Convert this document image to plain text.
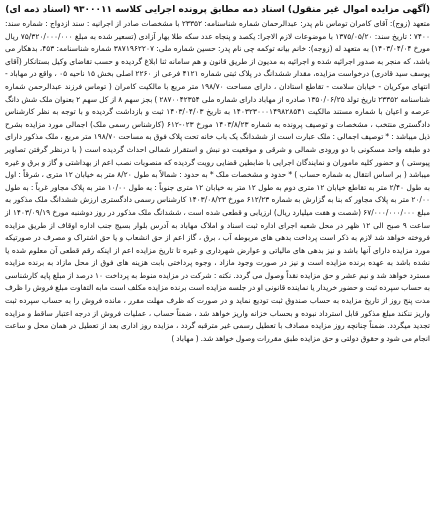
(آگهی مزایده اموال غیر منقول) اسناد ذمه مطابق پرونده اجرایی کلاسه ۹۳۰۰۰۱۱ (اسناد ذمه ای)

متعهد (زوج): آقای کامران توماس نام پدر: عبدالرحمان شماره شناسنامه: ۲۳۳۵۲ با مشخصات صادر از اجرانیه : سند ازدواج : شماره سند: ۷۴۰۰ ؛ تاریخ سند: ۱۳۷۵/۰۵/۲۰ با موضوعات لازم الاجرا: یکصد و پنجاه عدد سکه طلا بهار آزادی (تسعیر شده به مبلغ ۷۵/۳۲۰/۰۰۰/۰۰۰ ریال مورخ ۱۴۰۳/۰۴/۰۴) به متعهد له (زوجه): خانم بیانه توکمه چی نام پدر: حسین شماره ملی: ۳۸۷۱۹۶۲۲۰۷ شماره شناسنامه: ۴۵۳، بدهکار می باشد، که منجر به صدور اجرائیه شده و اجرائیه به مدیون از طریق قانون و هم سامانه ثنا ابلاغ گردیده و حسب تقاضای وکیل بستانکار (آقای یوسف سید قادری) درخواست مزایده، مقدار ششدانگ در پلاک ثبتی شماره ۴۱۲۱ فرعی از ۲۲۶۰ اصلی بخش ۱۵ ناحیه ۰۵ ، واقع در مهاباد - انتهای موکریان - خیابان سلامت - تقاطع استادان ، دارای مساحت ۱۹۸/۷۰ متر مربع با مالکیت کامران ( توماس فرزند عبدالرحمن شماره شناسنامه ۲۳۳۵۲ تاریخ تولد ۱۳۵۰/۰۶/۲۵ صادره از مهاباد دارای شماره ملی ۲۸۷۰۰۴۲۳۵۴ ) بجز سهم ۸ از کل سهم ۲ بعنوان ملک شش دانگ عرصه و اعیان با شماره مستند مالکیت ۱۴۰۳۲۳۰۰۰۱۴۹۸۲۸۵۴۱ به تاریخ ۱۴۰۳/۰۴/۰۳ ثبت و بازداشت گردیده و با توجه به نظر کارشناس دادگستری منتخب ، مشخصات و توصیف پرونده به شماره ۱۴۰۳/۸/۲۳ مورخ ۰۲۳-۶۱۲ (کارشناس رسمی ملک) اجمالی مورد مزایده بشرح ذیل میباشد : * توصیف اجمالی : ملک عبارت است از ششدانگ یک باب خانه تحت پلاک فوق به مساحت ۱۹۸/۷۰ متر مربع ، ملک مذکور دارای دو طبقه واحد مسکونی با دو ورودی شمالی و شرقی و موقعیت دو نبش و استقرار شمالی احداث گردیده است ( با درنظر گرفتن تصاویر پیوستی ) و حضور کلیه ماموران و نمایندگان اجرایی با ضابطین قضایی رویت گردیده که منصوبات نصب اعم از بهداشتی و گاز و برق و غیره میباشد ( بر اساس انتقال به شماره حساب ) * حدود و مشخصات ملک * به حدود : شمالاً به طول ۸/۲۰ متر به خیابان ۱۲ متری ، شرقاً : اول به طول ۲/۴۰ متر به تقاطع خیابان ۱۲ متری دوم به طول ۱۲ متر به خیابان ۱۲ متری جنوباً : به طول ۱۰/۰۰ متر به پلاک مجاور غرباً : به طول ۲۰/۰۰ متر به پلاک مجاور که بنا به گزارش به شماره ۶۱۲/۲۳ مورخ ۱۴۰۳/۰۸/۲۳ کارشناس رسمی دادگستری ارزش ششدانگ ملک مذکور به مبلغ ۶۷/۰۰۰/۰۰۰/۰۰۰ (شصت و هفت میلیارد ریال) ارزیابی و قطعی شده است ، ششدانگ ملک مذکور در روز دوشنبه مورخ ۱۴۰۳/۰۹/۱۹ از ساعت ۹ صبح الی ۱۲ ظهر در محل شعبه اجرای اداره ثبت اسناد و املاک مهاباد به آدرس بلوار بسیج جنب اداره اوقاف از طریق مزایده فروخته خواهد شد لازم به ذکر است پرداخت بدهی های مربوطه آب ، برق ، گاز اعم از حق انشعاب و یا حق اشتراک و مصرف در صورتیکه مورد مزایده دارای آنها باشد و نیز بدهی های مالیاتی و عوارض شهرداری و غیره تا تاریخ مزایده اعم از اینکه رقم قطعی آن معلوم شده یا نشده باشد به عهده برنده مزایده است و نیز در صورت وجود مازاد ، وجوه پرداختی بابت هزینه های فوق از محل مازاد به برنده مزایده مسترد خواهد شد و نیم عشر و حق مزایده نقداً وصول می گردد. نکته : شرکت در مزایده منوط به پرداخت ۱۰ درصد از مبلغ پایه کارشناسی به حساب سپرده ثبت و حضور خریدار یا نماینده قانونی او در جلسه مزایده است برنده مزایده مکلف است مابه التفاوت مبلغ فروش را ظرف مدت پنج روز از تاریخ مزایده به حساب صندوق ثبت تودیع نماید و در صورت که ظرف مهلت مقرر ، مانده فروش را به حساب سپرده ثبت واریز ننکند مبلغ مذکور قابل استرداد نبوده و بحساب خزانه واریز خواهد شد ، ضمناً حساب ، عملیات فروش از درجه اعتبار ساقط و مزایده تجدید میگردد. ضمناً چنانچه روز مزایده مصادف با تعطیل رسمی غیر مترقبه گردد ، مزایده روز اداری بعد از تعطیل در همان محل و ساعت انجام می شود و حقوق دولتی و حق مزایده طبق مقررات وصول خواهد شد. ( مهاباد )
